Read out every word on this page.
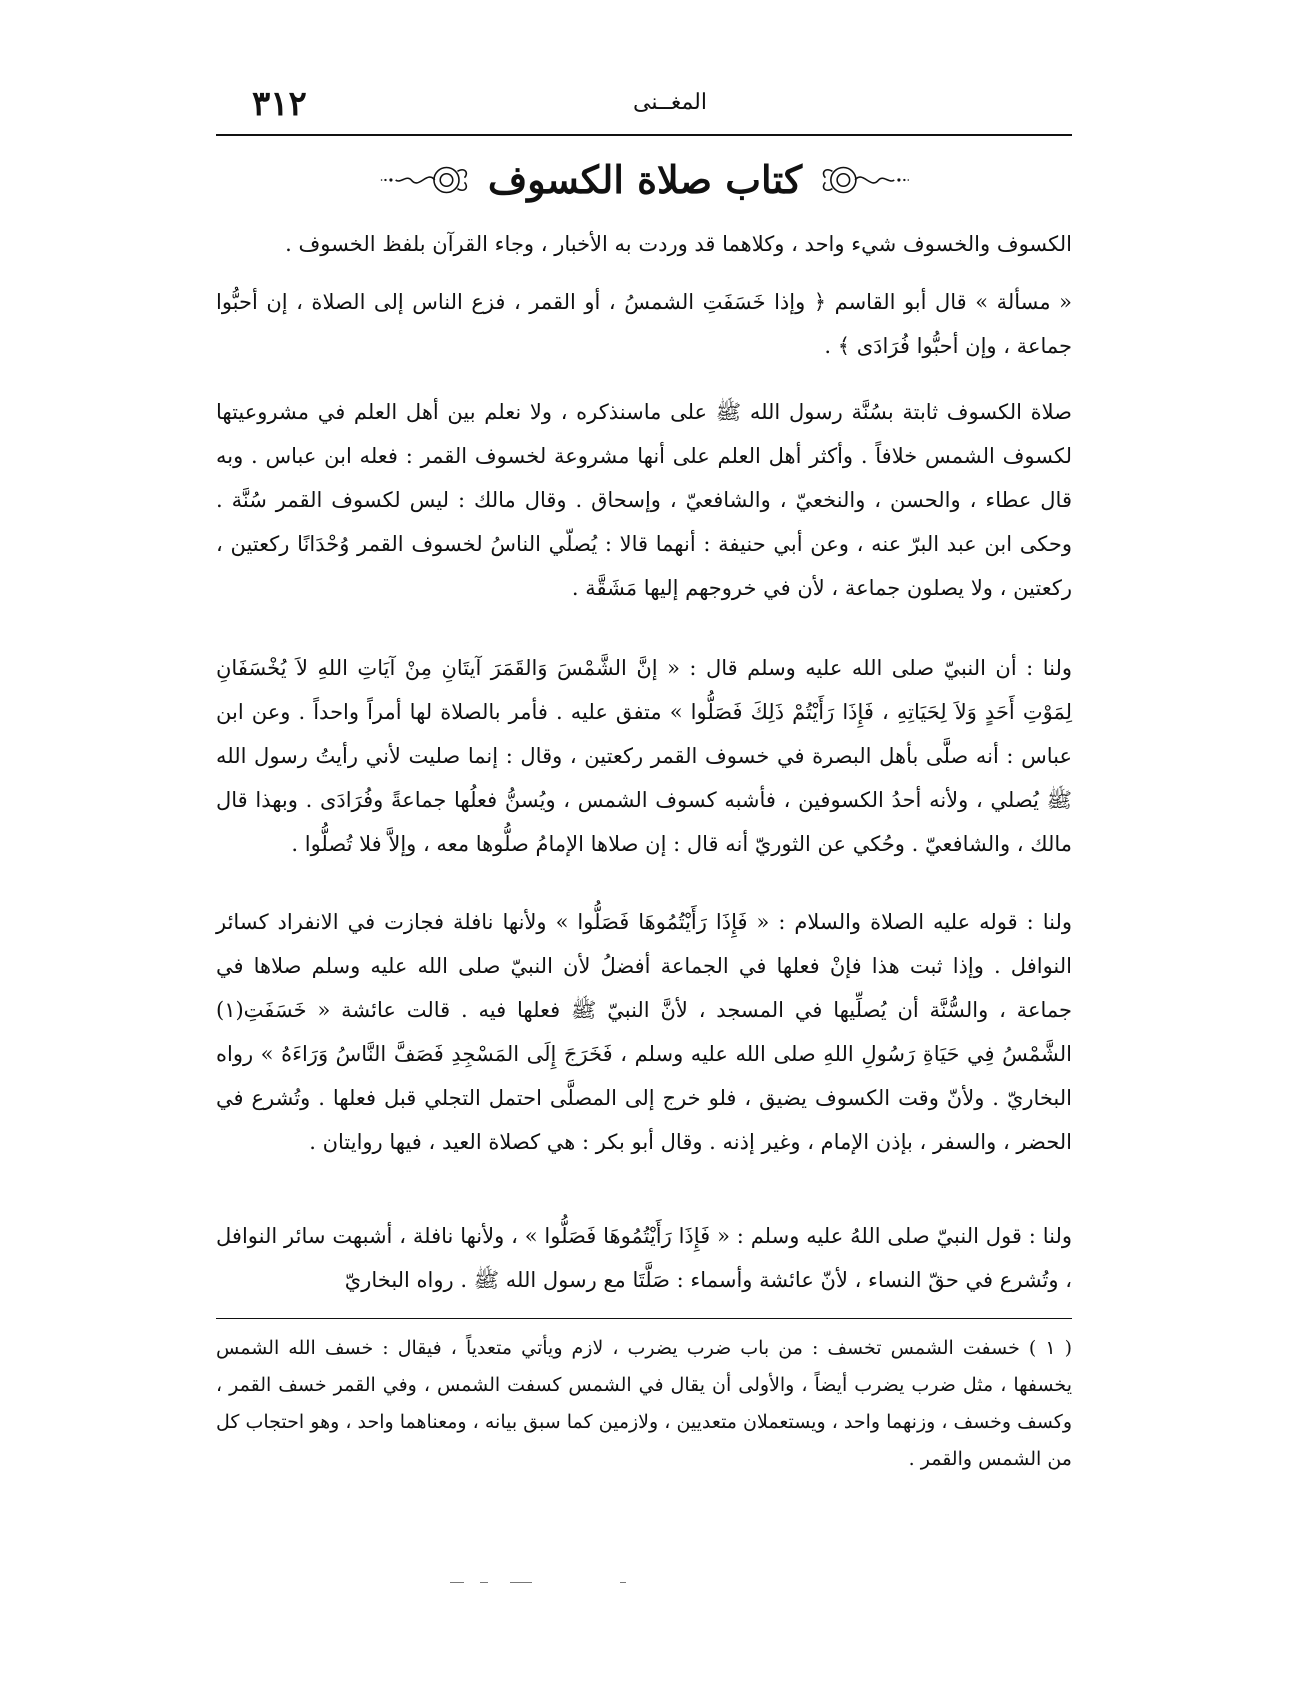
٣١٢	المغــنى
كتاب صلاة الكسوف

الكسوف والخسوف شيء واحد ، وكلاهما قد وردت به الأخبار ، وجاء القرآن بلفظ الخسوف .

« مسألة » قال أبو القاسم ﴿ وإذا خَسَفَتِ الشمسُ ، أو القمر ، فزع الناس إلى الصلاة ، إن أحبُّوا جماعة ، وإن أحبُّوا فُرَادَى ﴾ .

صلاة الكسوف ثابتة بسُنَّة رسول الله ﷺ على ماسنذكره ، ولا نعلم بين أهل العلم في مشروعيتها لكسوف الشمس خلافاً . وأكثر أهل العلم على أنها مشروعة لخسوف القمر : فعله ابن عباس . وبه قال عطاء ، والحسن ، والنخعيّ ، والشافعيّ ، وإسحاق . وقال مالك : ليس لكسوف القمر سُنَّة . وحكى ابن عبد البرّ عنه ، وعن أبي حنيفة : أنهما قالا : يُصلّي الناسُ لخسوف القمر وُحْدَانًا ركعتين ، ركعتين ، ولا يصلون جماعة ، لأن في خروجهم إليها مَشَقَّة .

ولنا : أن النبيّ صلى الله عليه وسلم قال : « إنَّ الشَّمْسَ وَالقَمَرَ آيتَانِ مِنْ آيَاتِ اللهِ لاَ يُخْسَفَانِ لِمَوْتِ أَحَدٍ وَلاَ لِحَيَاتِهِ ، فَإِذَا رَأَيْتُمْ ذَلِكَ فَصَلُّوا » متفق عليه . فأمر بالصلاة لها أمراً واحداً . وعن ابن عباس : أنه صلَّى بأهل البصرة في خسوف القمر ركعتين ، وقال : إنما صليت لأني رأيتُ رسول الله ﷺ يُصلي ، ولأنه أحدُ الكسوفين ، فأشبه كسوف الشمس ، ويُسنُّ فعلُها جماعةً وفُرَادَى . وبهذا قال مالك ، والشافعيّ . وحُكي عن الثوريّ أنه قال : إن صلاها الإمامُ صلُّوها معه ، وإلاَّ فلا تُصلُّوا .

ولنا : قوله عليه الصلاة والسلام : « فَإِذَا رَأَيْتُمُوهَا فَصَلُّوا » ولأنها نافلة فجازت في الانفراد كسائر النوافل . وإذا ثبت هذا فإنْ فعلها في الجماعة أفضلُ لأن النبيّ صلى الله عليه وسلم صلاها في جماعة ، والسُّنَّة أن يُصلِّيها في المسجد ، لأنَّ النبيّ ﷺ فعلها فيه . قالت عائشة « خَسَفَتِ(١) الشَّمْسُ فِي حَيَاةِ رَسُولِ اللهِ صلى الله عليه وسلم ، فَخَرَجَ إِلَى المَسْجِدِ فَصَفَّ النَّاسُ وَرَاءَهُ » رواه البخاريّ . ولأنّ وقت الكسوف يضيق ، فلو خرج إلى المصلَّى احتمل التجلي قبل فعلها . وتُشرع في الحضر ، والسفر ، بإذن الإمام ، وغير إذنه . وقال أبو بكر : هي كصلاة العيد ، فيها روايتان .

ولنا : قول النبيّ صلى اللهُ عليه وسلم : « فَإِذَا رَأَيْتُمُوهَا فَصَلُّوا » ، ولأنها نافلة ، أشبهت سائر النوافل ، وتُشرع في حقّ النساء ، لأنّ عائشة وأسماء : صَلَّتَا مع رسول الله ﷺ . رواه البخاريّ

( ١ ) خسفت الشمس تخسف : من باب ضرب يضرب ، لازم ويأتي متعدياً ، فيقال : خسف الله الشمس يخسفها ، مثل ضرب يضرب أيضاً ، والأولى أن يقال في الشمس كسفت الشمس ، وفي القمر خسف القمر ، وكسف وخسف ، وزنهما واحد ، ويستعملان متعديين ، ولازمين كما سبق بيانه ، ومعناهما واحد ، وهو احتجاب كل من الشمس والقمر .
